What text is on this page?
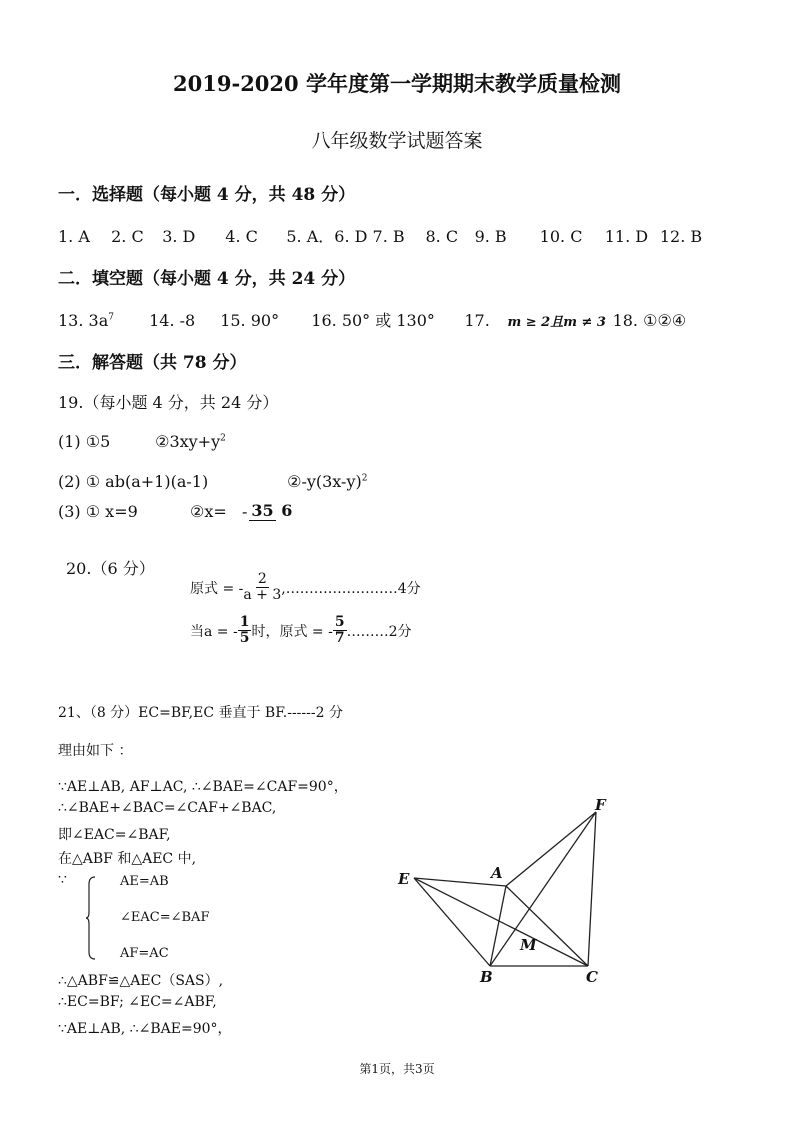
2019-2020 学年度第一学期期末教学质量检测
八年级数学试题答案
一．选择题（每小题 4 分，共 48 分）
1. A 2. C 3. D 4. C 5. A．6. D 7. B 8. C 9. B 10. C 11. D 12. B
二．填空题（每小题 4 分，共 24 分）
13. $3a^7$ 14. -8 15. 90° 16. 50° 或 130° 17. m ≥ 2且m ≠ 3 18. ①②④
三．解答题（共 78 分）
19.（每小题 4 分，共 24 分）
(1) ①5	$②3xy+y^2$
(2) ① ab(a+1)(a-1)	$②-y(3x-y)^2$
(3) ① x=9	②x= - 35 6
20.（6 分）
原式 = - $\frac{2}{a + 3}$ ,……………………4分
当a = - $\frac{1}{5}$ 时，原式 = - $\frac{5}{7}$ ………2分
21、（8 分）EC=BF,EC 垂直于 BF.------2 分
理由如下 ：
∵AE⊥AB, AF⊥AC, ∴∠BAE=∠CAF=90°，
∴∠BAE+∠BAC=∠CAF+∠BAC,
即∠EAC=∠BAF,
在△ABF 和△AEC 中,
∵	AE=AB
∠EAC=∠BAF
AF=AC
∴△ABF≌△AEC（SAS）,
∴EC=BF; ∠EC=∠ABF,
∵AE⊥AB, ∴∠BAE=90°，
F
A
E
M
B	C
第1页，共3页
